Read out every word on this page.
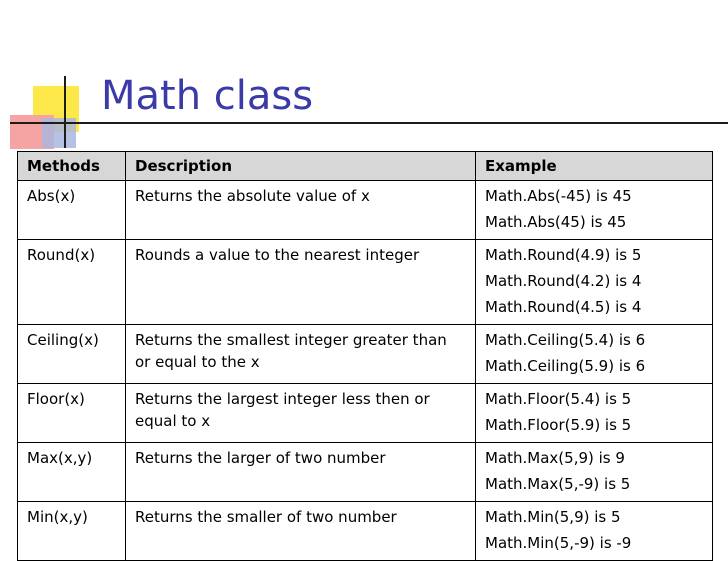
Math class
Methods	Description	Example
Abs(x)	Returns the absolute value of x	Math.Abs(-45) is 45
Math.Abs(45) is 45

Round(x)	Rounds a value to the nearest integer	Math.Round(4.9) is 5
Math.Round(4.2) is 4
Math.Round(4.5) is 4

Ceiling(x)	Returns the smallest integer greater than
or equal to the x	Math.Ceiling(5.4) is 6
Math.Ceiling(5.9) is 6

Floor(x)	Returns the largest integer less then or
equal to x	Math.Floor(5.4) is 5
Math.Floor(5.9) is 5

Max(x,y)	Returns the larger of two number	Math.Max(5,9) is 9
Math.Max(5,-9) is 5

Min(x,y)	Returns the smaller of two number	Math.Min(5,9) is 5
Math.Min(5,-9) is -9
